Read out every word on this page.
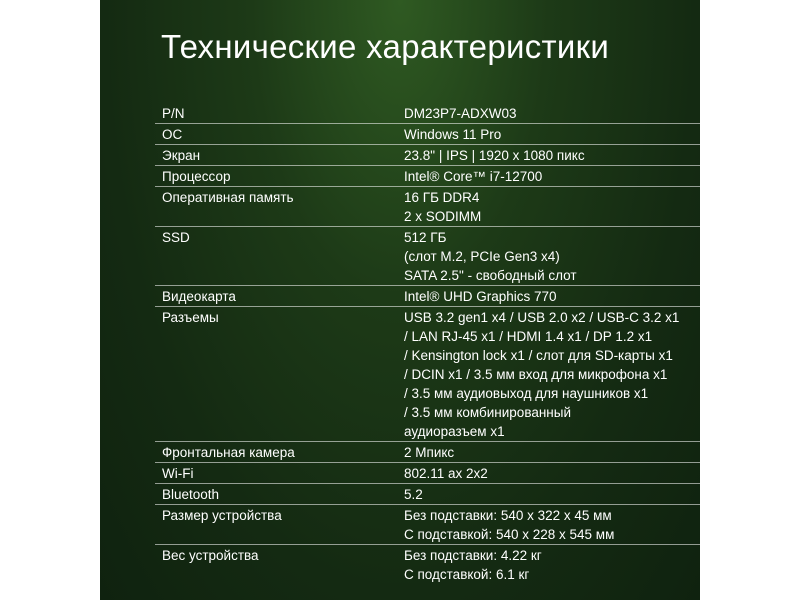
Технические характеристики
P/N	DM23P7-ADXW03
ОС	Windows 11 Pro
Экран	23.8" | IPS | 1920 x 1080 пикс
Процессор	Intel® Core™ i7-12700
Оперативная память	16 ГБ DDR4
2 x SODIMM
SSD	512 ГБ
(слот M.2, PCIe Gen3 x4)
SATA 2.5" - свободный слот
Видеокарта	Intel® UHD Graphics 770
Разъемы	USB 3.2 gen1 x4 / USB 2.0 x2 / USB-C 3.2 x1
/ LAN RJ-45 x1 / HDMI 1.4 x1 / DP 1.2 x1
/ Kensington lock x1 / слот для SD-карты x1
/ DCIN x1 / 3.5 мм вход для микрофона x1
/ 3.5 мм аудиовыход для наушников x1
/ 3.5 мм комбинированный
аудиоразъем x1
Фронтальная камера	2 Мпикс
Wi-Fi	802.11 ax 2x2
Bluetooth	5.2
Размер устройства	Без подставки: 540 x 322 x 45 мм
С подставкой: 540 x 228 x 545 мм
Вес устройства	Без подставки: 4.22 кг
С подставкой: 6.1 кг
